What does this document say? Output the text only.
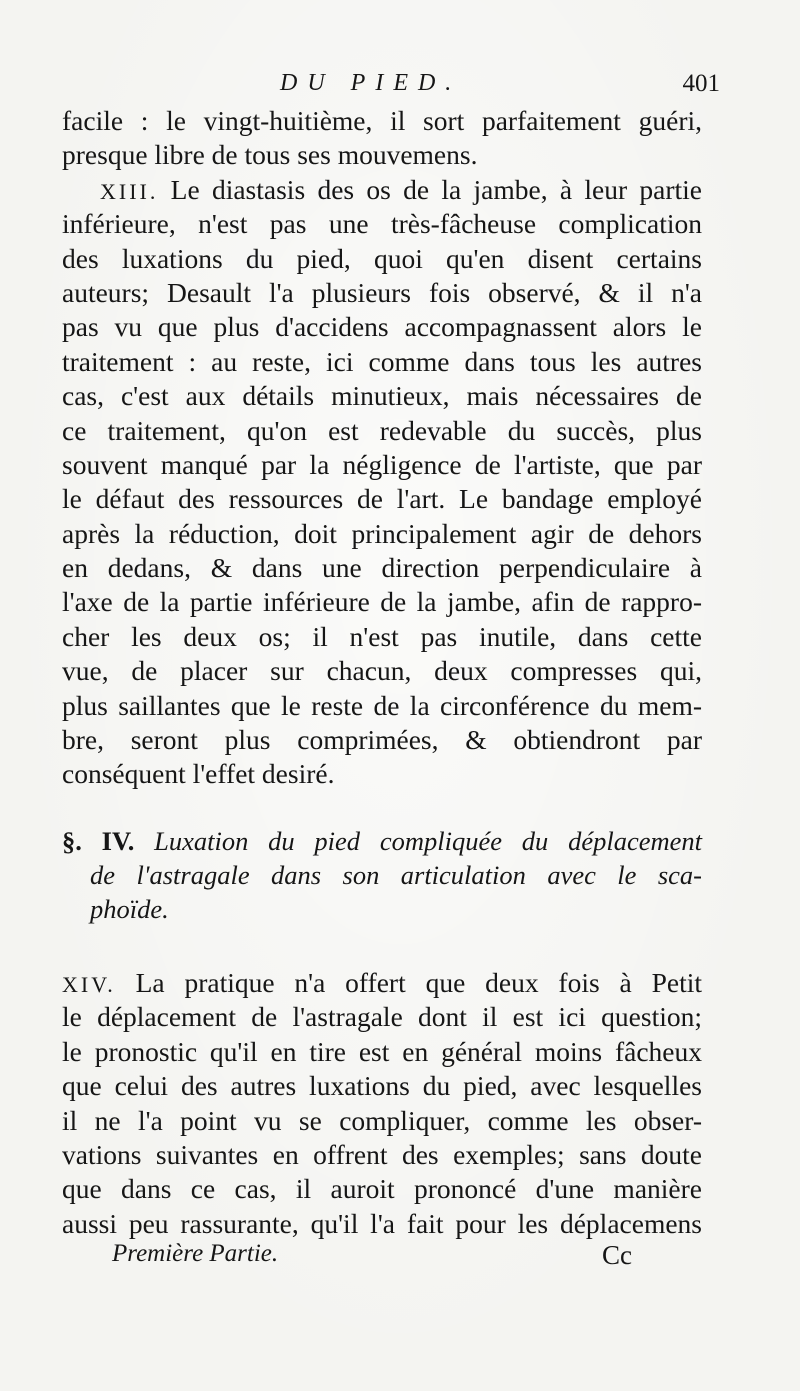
DU PIED.	401
facile : le vingt-huitième, il sort parfaitement guéri,
presque libre de tous ses mouvemens.
XIII. Le diastasis des os de la jambe, à leur partie
inférieure, n'est pas une très-fâcheuse complication
des luxations du pied, quoi qu'en disent certains
auteurs; Desault l'a plusieurs fois observé, & il n'a
pas vu que plus d'accidens accompagnassent alors le
traitement : au reste, ici comme dans tous les autres
cas, c'est aux détails minutieux, mais nécessaires de
ce traitement, qu'on est redevable du succès, plus
souvent manqué par la négligence de l'artiste, que par
le défaut des ressources de l'art. Le bandage employé
après la réduction, doit principalement agir de dehors
en dedans, & dans une direction perpendiculaire à
l'axe de la partie inférieure de la jambe, afin de rappro-
cher les deux os; il n'est pas inutile, dans cette
vue, de placer sur chacun, deux compresses qui,
plus saillantes que le reste de la circonférence du mem-
bre, seront plus comprimées, & obtiendront par
conséquent l'effet desiré.
§. IV. Luxation du pied compliquée du déplacement
de l'astragale dans son articulation avec le sca-
phoïde.
XIV. La pratique n'a offert que deux fois à Petit
le déplacement de l'astragale dont il est ici question;
le pronostic qu'il en tire est en général moins fâcheux
que celui des autres luxations du pied, avec lesquelles
il ne l'a point vu se compliquer, comme les obser-
vations suivantes en offrent des exemples; sans doute
que dans ce cas, il auroit prononcé d'une manière
aussi peu rassurante, qu'il l'a fait pour les déplacemens
Première Partie.	Cc
